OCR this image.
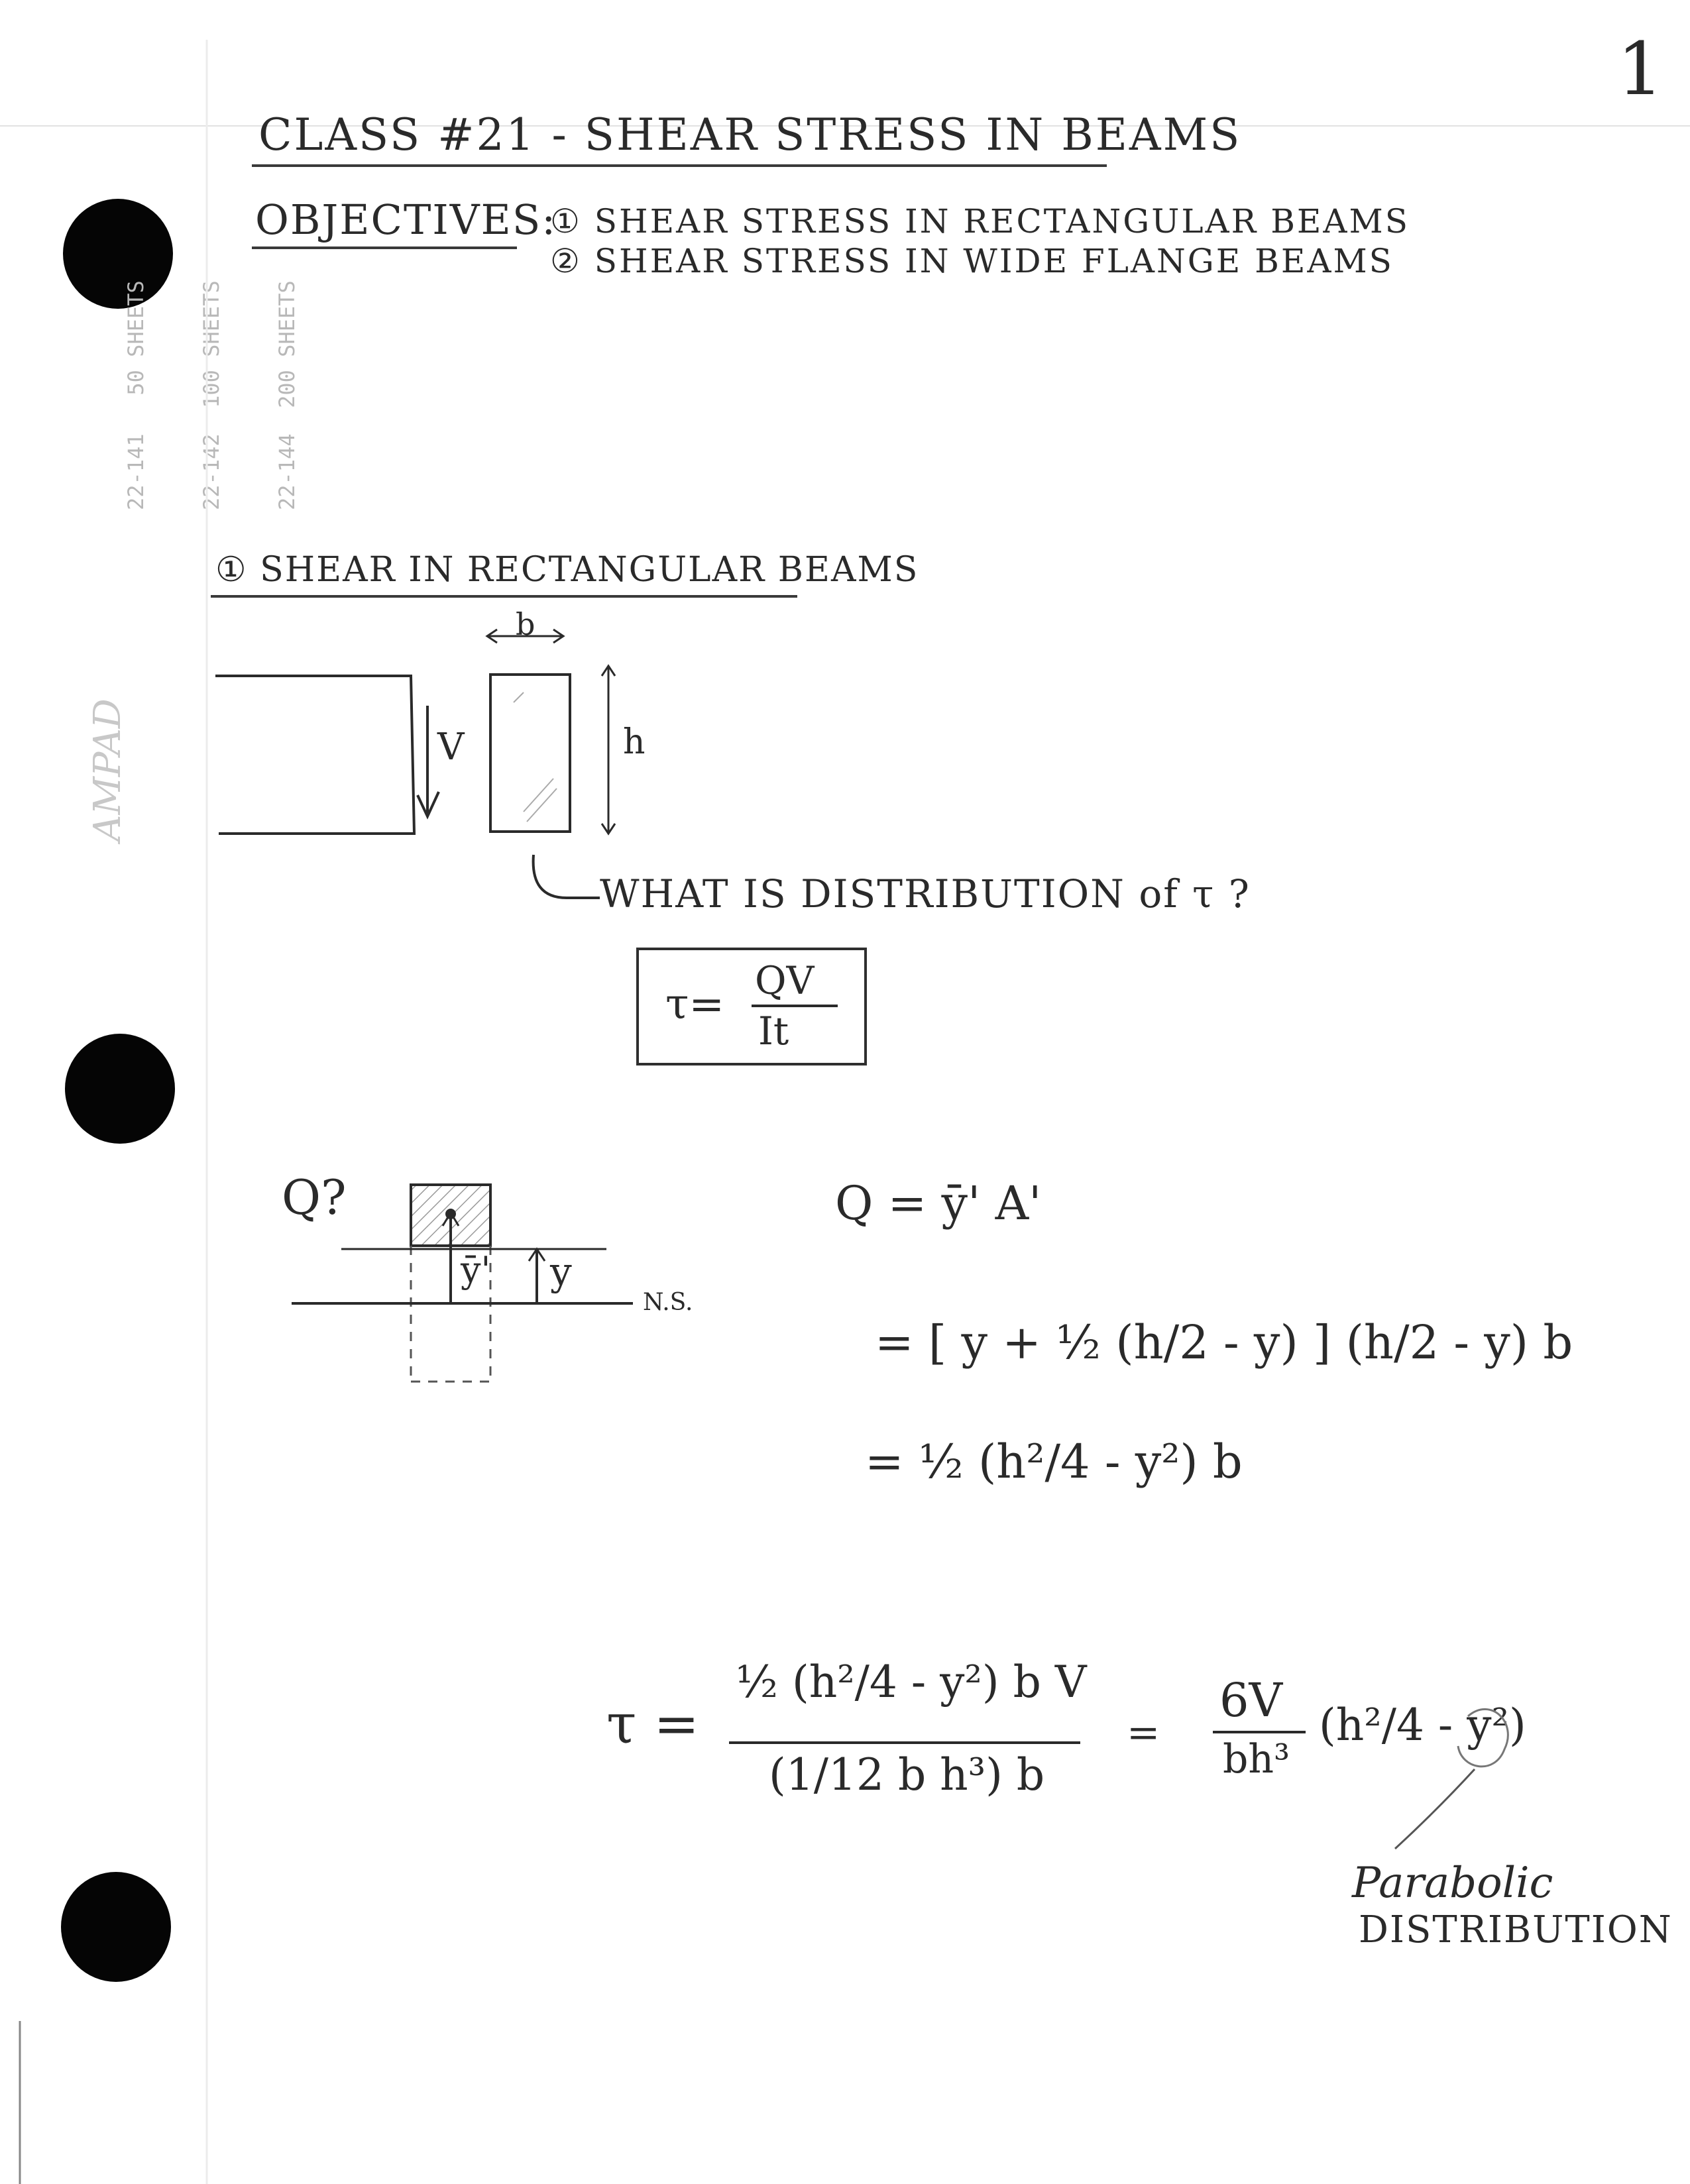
22-141   50 SHEETS

22-142  100 SHEETS

22-144  200 SHEETS

AMPAD
1
CLASS #21 - SHEAR STRESS IN BEAMS
OBJECTIVES:
① SHEAR STRESS IN RECTANGULAR BEAMS
② SHEAR STRESS IN WIDE FLANGE BEAMS
① SHEAR IN RECTANGULAR BEAMS
b
h
V
WHAT IS DISTRIBUTION of τ ?
τ= QV
It
Q?
ȳ' y
N.S.
Q = ȳ' A'
= [ y + ½ (h/2 - y) ] (h/2 - y) b
= ½ (h²/4 - y²) b
τ =
½ (h²/4 - y²) b V
(1/12 b h³) b
=
6V
bh³
(h²/4 - y²)
Parabolic
DISTRIBUTION
